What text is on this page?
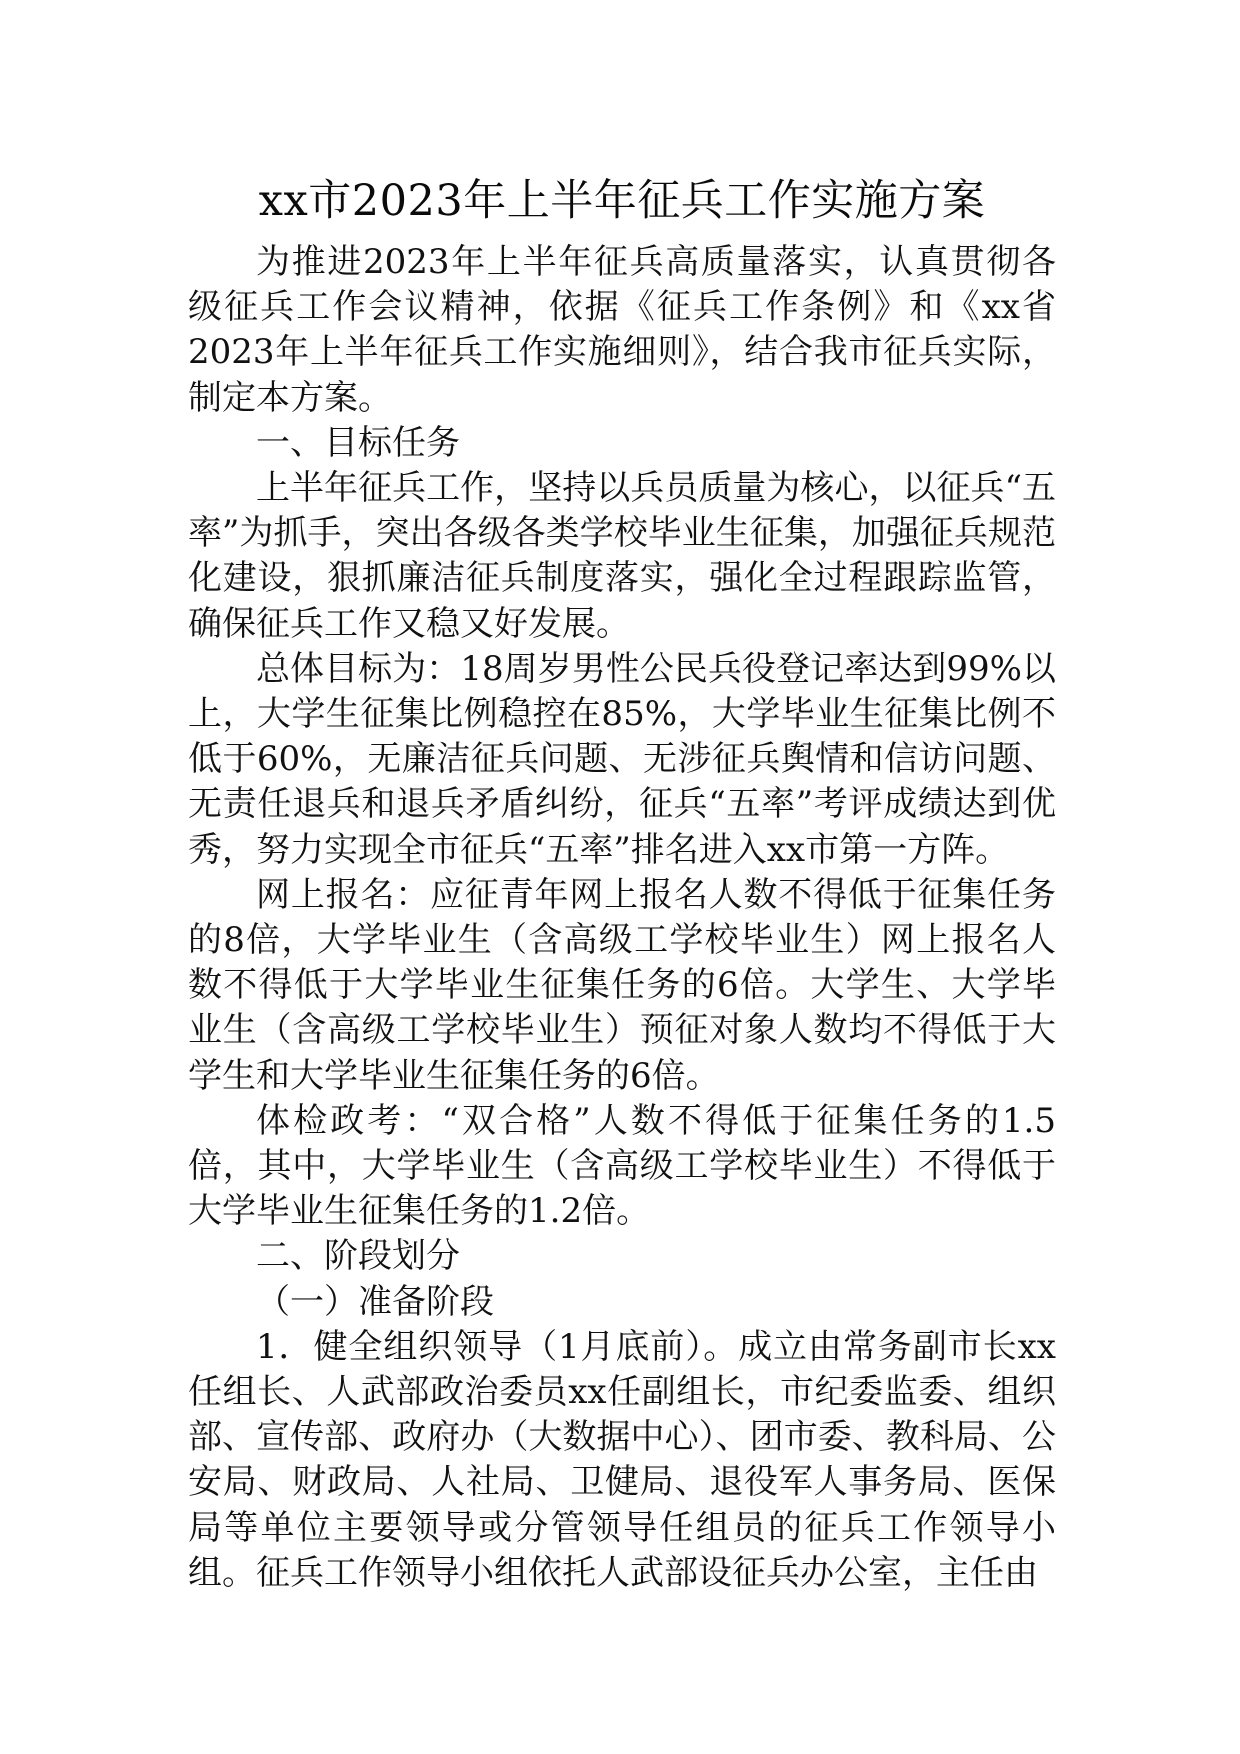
xx市2023年上半年征兵工作实施方案

为推进2023年上半年征兵高质量落实，认真贯彻各级征兵工作会议精神，依据《征兵工作条例》和《xx省2023年上半年征兵工作实施细则》，结合我市征兵实际，制定本方案。

一、目标任务

上半年征兵工作，坚持以兵员质量为核心，以征兵“五率”为抓手，突出各级各类学校毕业生征集，加强征兵规范化建设，狠抓廉洁征兵制度落实，强化全过程跟踪监管，确保征兵工作又稳又好发展。

总体目标为：18周岁男性公民兵役登记率达到99%以上，大学生征集比例稳控在85%，大学毕业生征集比例不低于60%，无廉洁征兵问题、无涉征兵舆情和信访问题、无责任退兵和退兵矛盾纠纷，征兵“五率”考评成绩达到优秀，努力实现全市征兵“五率”排名进入xx市第一方阵。

网上报名：应征青年网上报名人数不得低于征集任务的8倍，大学毕业生（含高级工学校毕业生）网上报名人数不得低于大学毕业生征集任务的6倍。大学生、大学毕业生（含高级工学校毕业生）预征对象人数均不得低于大学生和大学毕业生征集任务的6倍。

体检政考：“双合格”人数不得低于征集任务的1.5倍，其中，大学毕业生（含高级工学校毕业生）不得低于大学毕业生征集任务的1.2倍。

二、阶段划分

（一）准备阶段

1．健全组织领导（1月底前）。成立由常务副市长xx任组长、人武部政治委员xx任副组长，市纪委监委、组织部、宣传部、政府办（大数据中心）、团市委、教科局、公安局、财政局、人社局、卫健局、退役军人事务局、医保局等单位主要领导或分管领导任组员的征兵工作领导小组。征兵工作领导小组依托人武部设征兵办公室，主任由
